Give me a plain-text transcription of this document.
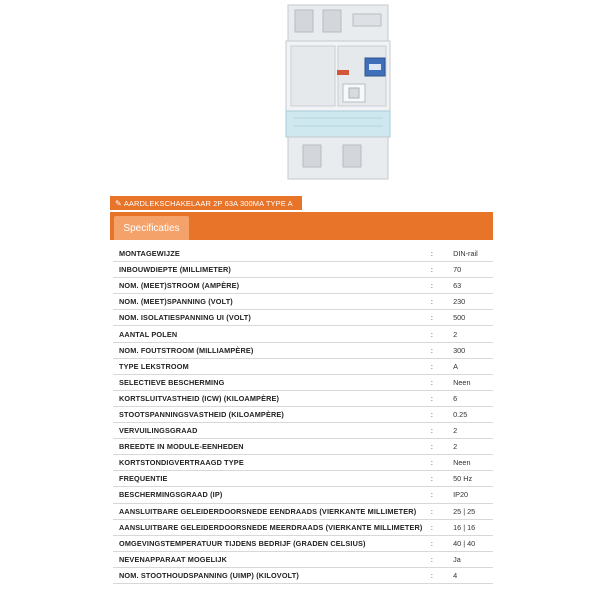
✎ AARDLEKSCHAKELAAR 2P 63A 300MA TYPE A
Specificaties
MONTAGEWIJZE	:	DIN-rail
INBOUWDIEPTE (MILLIMETER)	:	70
NOM. (MEET)STROOM (AMPÈRE)	:	63
NOM. (MEET)SPANNING (VOLT)	:	230
NOM. ISOLATIESPANNING UI (VOLT)	:	500
AANTAL POLEN	:	2
NOM. FOUTSTROOM (MILLIAMPÈRE)	:	300
TYPE LEKSTROOM	:	A
SELECTIEVE BESCHERMING	:	Neen
KORTSLUITVASTHEID (ICW) (KILOAMPÈRE)	:	6
STOOTSPANNINGSVASTHEID (KILOAMPÈRE)	:	0.25
VERVUILINGSGRAAD	:	2
BREEDTE IN MODULE-EENHEDEN	:	2
KORTSTONDIGVERTRAAGD TYPE	:	Neen
FREQUENTIE	:	50 Hz
BESCHERMINGSGRAAD (IP)	:	IP20
AANSLUITBARE GELEIDERDOORSNEDE EENDRAADS (VIERKANTE MILLIMETER)	:	25 | 25
AANSLUITBARE GELEIDERDOORSNEDE MEERDRAADS (VIERKANTE MILLIMETER)	:	16 | 16
OMGEVINGSTEMPERATUUR TIJDENS BEDRIJF (GRADEN CELSIUS)	:	40 | 40
NEVENAPPARAAT MOGELIJK	:	Ja
NOM. STOOTHOUDSPANNING (UIMP) (KILOVOLT)	:	4
